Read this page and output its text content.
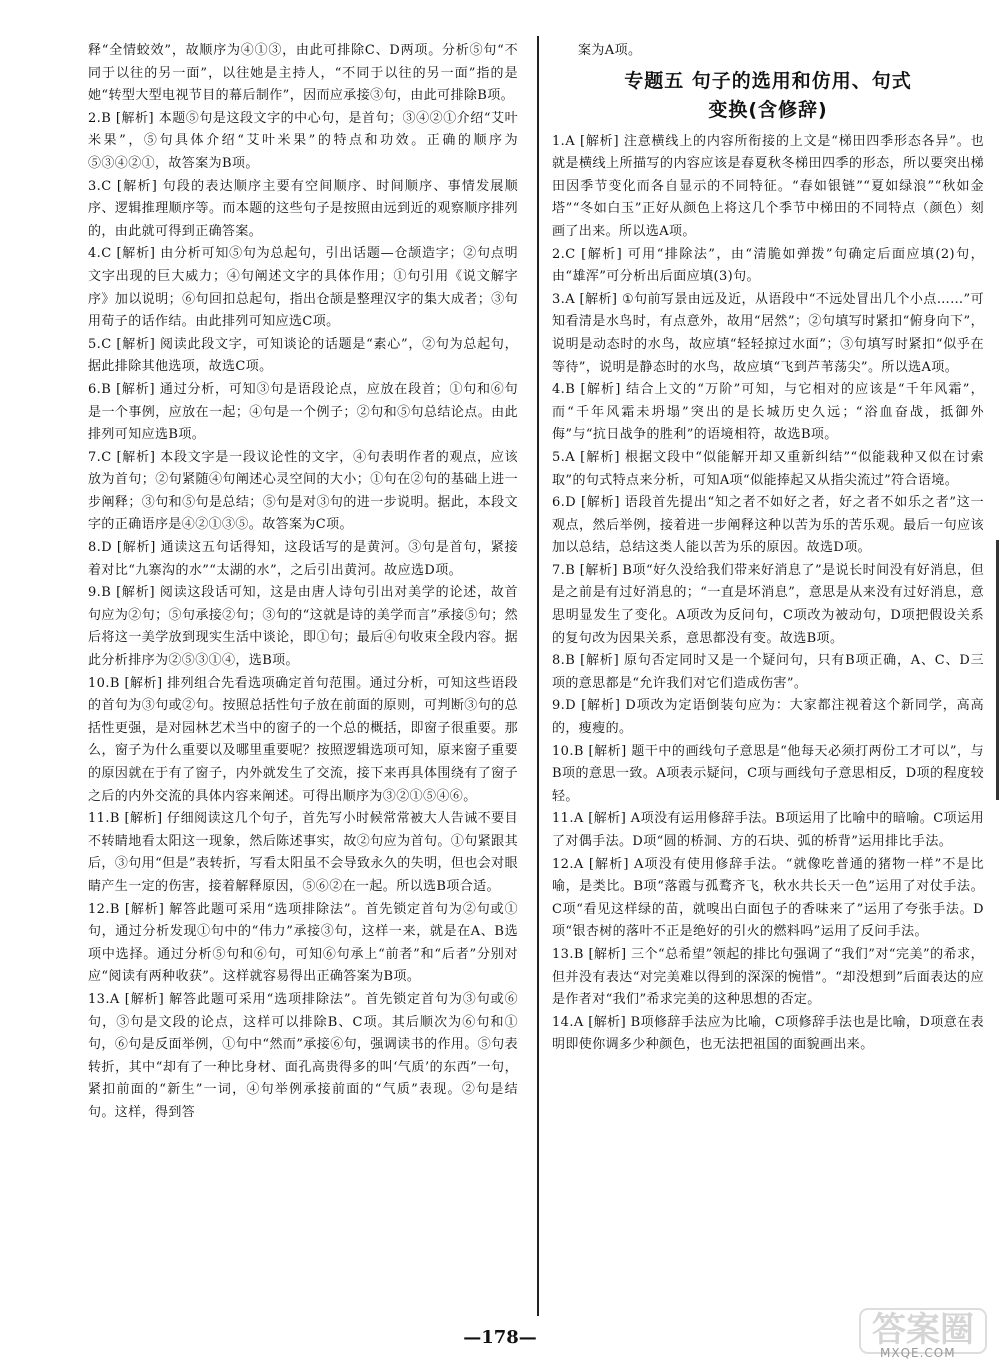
释“全情蛟效”，故顺序为④①③，由此可排除C、D两项。分析⑤句“不同于以往的另一面”，以往她是主持人，“不同于以往的另一面”指的是她“转型大型电视节目的幕后制作”，因而应承接③句，由此可排除B项。

2.B [解析] 本题⑤句是这段文字的中心句，是首句；③④②①介绍“艾叶米果”，⑤句具体介绍“艾叶米果”的特点和功效。正确的顺序为⑤③④②①，故答案为B项。

3.C [解析] 句段的表达顺序主要有空间顺序、时间顺序、事情发展顺序、逻辑推理顺序等。而本题的这些句子是按照由远到近的观察顺序排列的，由此就可得到正确答案。

4.C [解析] 由分析可知⑤句为总起句，引出话题—仓颉造字；②句点明文字出现的巨大威力；④句阐述文字的具体作用；①句引用《说文解字序》加以说明；⑥句回扣总起句，指出仓颉是整理汉字的集大成者；③句用荀子的话作结。由此排列可知应选C项。

5.C [解析] 阅读此段文字，可知谈论的话题是“素心”，②句为总起句，据此排除其他选项，故选C项。

6.B [解析] 通过分析，可知③句是语段论点，应放在段首；①句和⑥句是一个事例，应放在一起；④句是一个例子；②句和⑤句总结论点。由此排列可知应选B项。

7.C [解析] 本段文字是一段议论性的文字，④句表明作者的观点，应该放为首句；②句紧随④句阐述心灵空间的大小；①句在②句的基础上进一步阐释；③句和⑤句是总结；⑤句是对③句的进一步说明。据此，本段文字的正确语序是④②①③⑤。故答案为C项。

8.D [解析] 通读这五句话得知，这段话写的是黄河。③句是首句，紧接着对比“九寨沟的水”“太湖的水”，之后引出黄河。故应选D项。

9.B [解析] 阅读这段话可知，这是由唐人诗句引出对美学的论述，故首句应为②句；⑤句承接②句；③句的“这就是诗的美学而言”承接⑤句；然后将这一美学放到现实生活中谈论，即①句；最后④句收束全段内容。据此分析排序为②⑤③①④，选B项。

10.B [解析] 排列组合先看选项确定首句范围。通过分析，可知这些语段的首句为③句或②句。按照总括性句子放在前面的原则，可判断③句的总括性更强，是对园林艺术当中的窗子的一个总的概括，即窗子很重要。那么，窗子为什么重要以及哪里重要呢？按照逻辑选项可知，原来窗子重要的原因就在于有了窗子，内外就发生了交流，接下来再具体围绕有了窗子之后的内外交流的具体内容来阐述。可得出顺序为③②①⑤④⑥。

11.B [解析] 仔细阅读这几个句子，首先写小时候常常被大人告诫不要目不转睛地看太阳这一现象，然后陈述事实，故②句应为首句。①句紧跟其后，③句用“但是”表转折，写看太阳虽不会导致永久的失明，但也会对眼睛产生一定的伤害，接着解释原因，⑤⑥②在一起。所以选B项合适。

12.B [解析] 解答此题可采用“选项排除法”。首先锁定首句为②句或①句，通过分析发现①句中的“伟力”承接③句，这样一来，就是在A、B选项中选择。通过分析⑤句和⑥句，可知⑥句承上“前者”和“后者”分别对应“阅读有两种收获”。这样就容易得出正确答案为B项。

13.A [解析] 解答此题可采用“选项排除法”。首先锁定首句为③句或⑥句，③句是文段的论点，这样可以排除B、C项。其后顺次为⑥句和①句，⑥句是反面举例，①句中“然而”承接⑥句，强调读书的作用。⑤句表转折，其中“却有了一种比身材、面孔高贵得多的叫‘气质’的东西”一句，紧扣前面的“新生”一词，④句举例承接前面的“气质”表现。②句是结句。这样，得到答

案为A项。

专题五 句子的选用和仿用、句式
变换(含修辞)

1.A [解析] 注意横线上的内容所衔接的上文是“梯田四季形态各异”。也就是横线上所描写的内容应该是春夏秋冬梯田四季的形态，所以要突出梯田因季节变化而各自显示的不同特征。“春如银链”“夏如绿浪”“秋如金塔”“冬如白玉”正好从颜色上将这几个季节中梯田的不同特点（颜色）刻画了出来。所以选A项。

2.C [解析] 可用“排除法”，由“清脆如弹拨”句确定后面应填(2)句，由“雄浑”可分析出后面应填(3)句。

3.A [解析] ①句前写景由远及近，从语段中“不远处冒出几个小点……”可知看清是水鸟时，有点意外，故用“居然”；②句填写时紧扣“俯身向下”，说明是动态时的水鸟，故应填“轻轻掠过水面”；③句填写时紧扣“似乎在等待”，说明是静态时的水鸟，故应填“飞到芦苇荡尖”。所以选A项。

4.B [解析] 结合上文的“万阶”可知，与它相对的应该是“千年风霜”，而“千年风霜未坍塌”突出的是长城历史久远；“浴血奋战，抵御外侮”与“抗日战争的胜利”的语境相符，故选B项。

5.A [解析] 根据文段中“似能解开却又重新纠结”“似能栽种又似在讨索取”的句式特点来分析，可知A项“似能捧起又从指尖流过”符合语境。

6.D [解析] 语段首先提出“知之者不如好之者，好之者不如乐之者”这一观点，然后举例，接着进一步阐释这种以苦为乐的苦乐观。最后一句应该加以总结，总结这类人能以苦为乐的原因。故选D项。

7.B [解析] B项“好久没给我们带来好消息了”是说长时间没有好消息，但是之前是有过好消息的；“一直是坏消息”，意思是从来没有过好消息，意思明显发生了变化。A项改为反问句，C项改为被动句，D项把假设关系的复句改为因果关系，意思都没有变。故选B项。

8.B [解析] 原句否定同时又是一个疑问句，只有B项正确，A、C、D三项的意思都是“允许我们对它们造成伤害”。

9.D [解析] D项改为定语倒装句应为：大家都注视着这个新同学，高高的，瘦瘦的。

10.B [解析] 题干中的画线句子意思是“他每天必须打两份工才可以”，与B项的意思一致。A项表示疑问，C项与画线句子意思相反，D项的程度较轻。

11.A [解析] A项没有运用修辞手法。B项运用了比喻中的暗喻。C项运用了对偶手法。D项“圆的桥洞、方的石块、弧的桥背”运用排比手法。

12.A [解析] A项没有使用修辞手法。“就像吃普通的猪物一样”不是比喻，是类比。B项“落霞与孤鹜齐飞，秋水共长天一色”运用了对仗手法。C项“看见这样绿的苗，就嗅出白面包子的香味来了”运用了夸张手法。D项“银杏树的落叶不正是绝好的引火的燃料吗”运用了反问手法。

13.B [解析] 三个“总希望”领起的排比句强调了“我们”对“完美”的希求，但并没有表达“对完美难以得到的深深的惋惜”。“却没想到”后面表达的应是作者对“我们”希求完美的这种思想的否定。

14.A [解析] B项修辞手法应为比喻，C项修辞手法也是比喻，D项意在表明即使你调多少种颜色，也无法把祖国的面貌画出来。

—178—	答案圈
MXQE.COM
